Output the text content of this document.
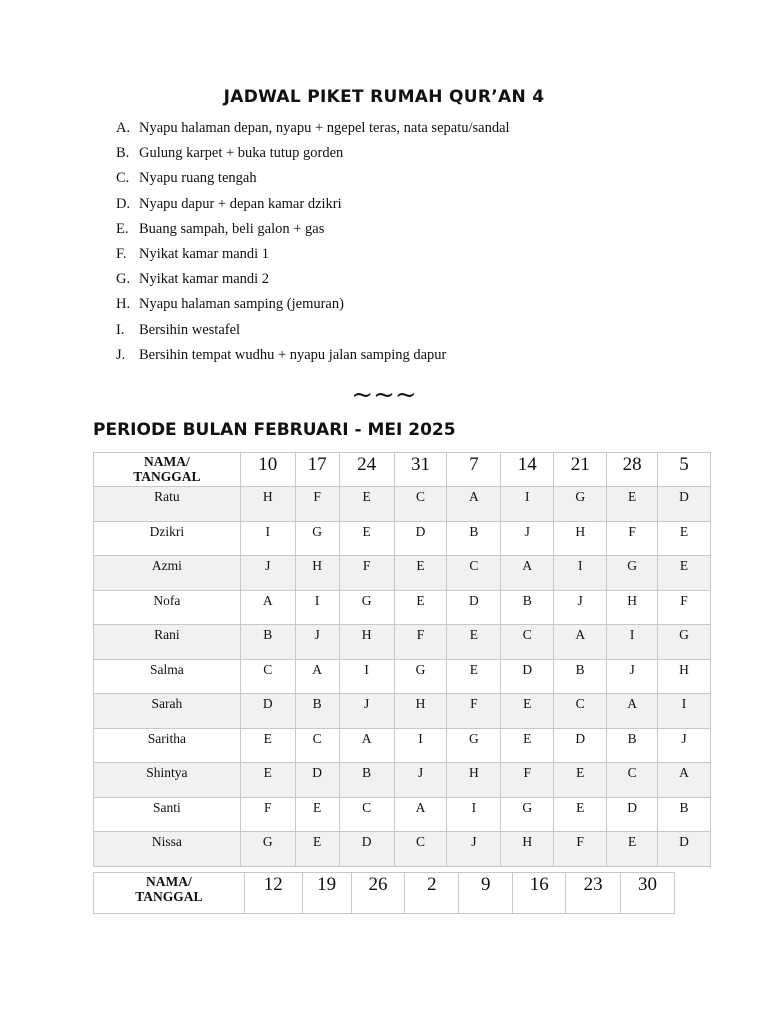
JADWAL PIKET RUMAH QUR’AN 4
A. Nyapu halaman depan, nyapu + ngepel teras, nata sepatu/sandal
B. Gulung karpet + buka tutup gorden
C. Nyapu ruang tengah
D. Nyapu dapur + depan kamar dzikri
E. Buang sampah, beli galon + gas
F. Nyikat kamar mandi 1
G. Nyikat kamar mandi 2
H. Nyapu halaman samping (jemuran)
I.	Bersihin westafel
J. Bersihin tempat wudhu + nyapu jalan samping dapur
~~~
PERIODE BULAN FEBRUARI - MEI 2025
NAMA/
TANGGAL	10	17	24	31	7	14	21	28	5
Ratu	H	F	E	C	A	I	G	E	D
Dzikri	I	G	E	D	B	J	H	F	E
Azmi	J	H	F	E	C	A	I	G	E
Nofa	A	I	G	E	D	B	J	H	F
Rani	B	J	H	F	E	C	A	I	G
Salma	C	A	I	G	E	D	B	J	H
Sarah	D	B	J	H	F	E	C	A	I
Saritha	E	C	A	I	G	E	D	B	J
Shintya	E	D	B	J	H	F	E	C	A
Santi	F	E	C	A	I	G	E	D	B
Nissa	G	E	D	C	J	H	F	E	D
NAMA/
TANGGAL	12	19	26	2	9	16	23	30
